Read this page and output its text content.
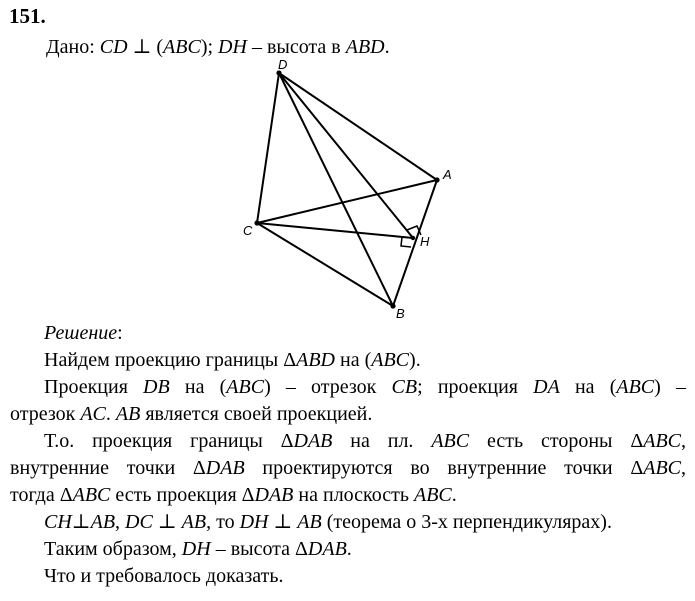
151.
Дано: CD ⊥ (ABC); DH – высота в ABD.
D
A
C
H
B
Решение:
Найдем проекцию границы ΔABD на (ABC).
Проекция DB на (ABC) – отрезок CB; проекция DA на (ABC) –
отрезок AC. AB является своей проекцией.
Т.о. проекция границы ΔDAB на пл. ABC есть стороны ΔABC,
внутренние точки ΔDAB проектируются во внутренние точки ΔABC,
тогда ΔABC есть проекция ΔDAB на плоскость ABC.
CH⊥AB, DC ⊥ AB, то DH ⊥ AB (теорема о 3-х перпендикулярах).
Таким образом, DH – высота ΔDAB.
Что и требовалось доказать.
